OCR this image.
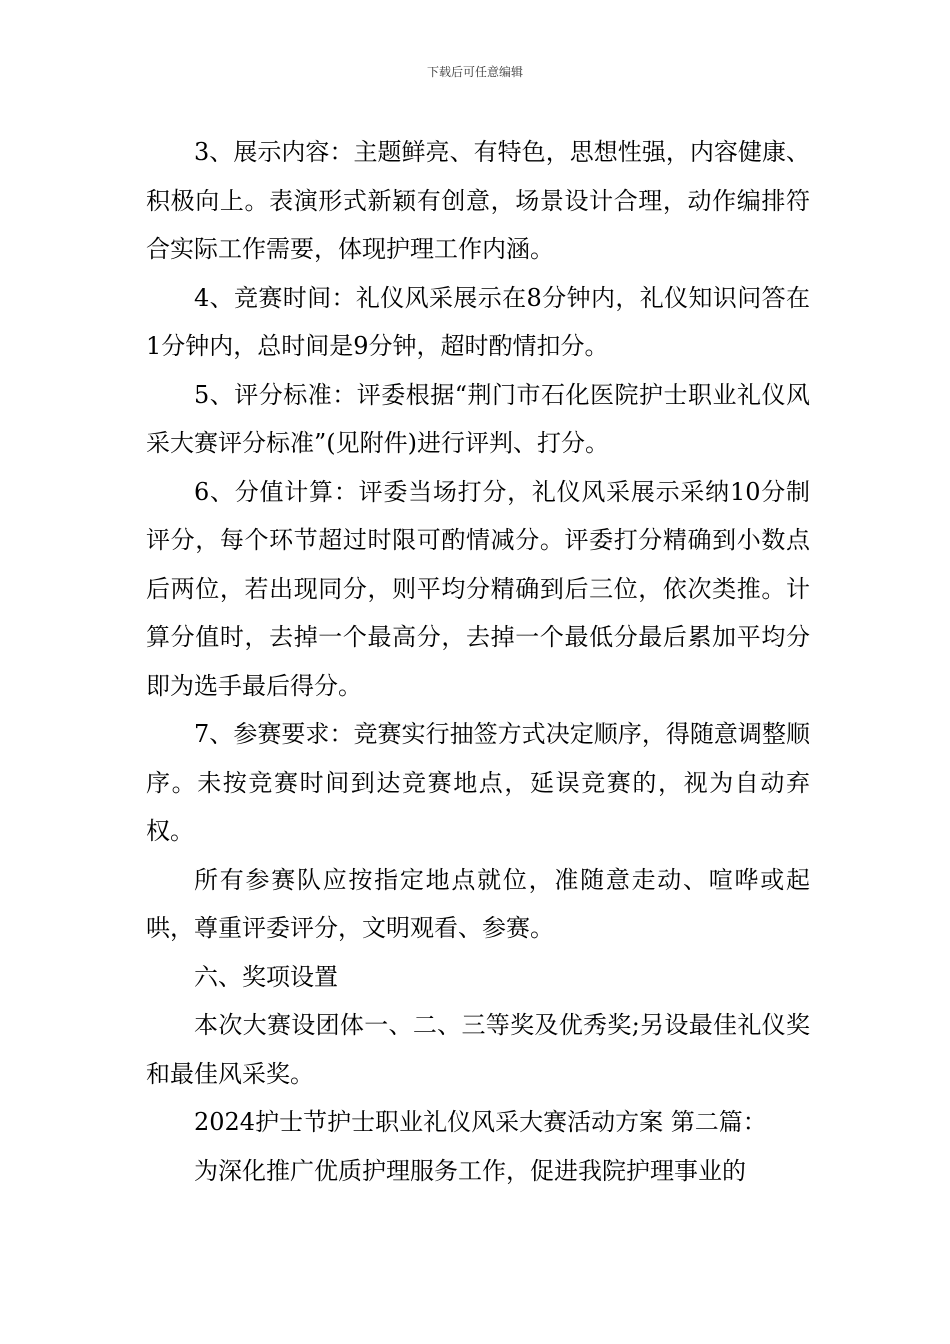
下载后可任意编辑

3、展示内容：主题鲜亮、有特色，思想性强，内容健康、积极向上。表演形式新颖有创意，场景设计合理，动作编排符合实际工作需要，体现护理工作内涵。

4、竞赛时间：礼仪风采展示在8分钟内，礼仪知识问答在1分钟内，总时间是9分钟，超时酌情扣分。

5、评分标准：评委根据“荆门市石化医院护士职业礼仪风采大赛评分标准”(见附件)进行评判、打分。

6、分值计算：评委当场打分，礼仪风采展示采纳10分制评分，每个环节超过时限可酌情减分。评委打分精确到小数点后两位，若出现同分，则平均分精确到后三位，依次类推。计算分值时，去掉一个最高分，去掉一个最低分最后累加平均分即为选手最后得分。

7、参赛要求：竞赛实行抽签方式决定顺序，得随意调整顺序。未按竞赛时间到达竞赛地点，延误竞赛的，视为自动弃权。

所有参赛队应按指定地点就位，准随意走动、喧哗或起哄，尊重评委评分，文明观看、参赛。

六、奖项设置

本次大赛设团体一、二、三等奖及优秀奖;另设最佳礼仪奖和最佳风采奖。

2024护士节护士职业礼仪风采大赛活动方案 第二篇：

为深化推广优质护理服务工作，促进我院护理事业的
